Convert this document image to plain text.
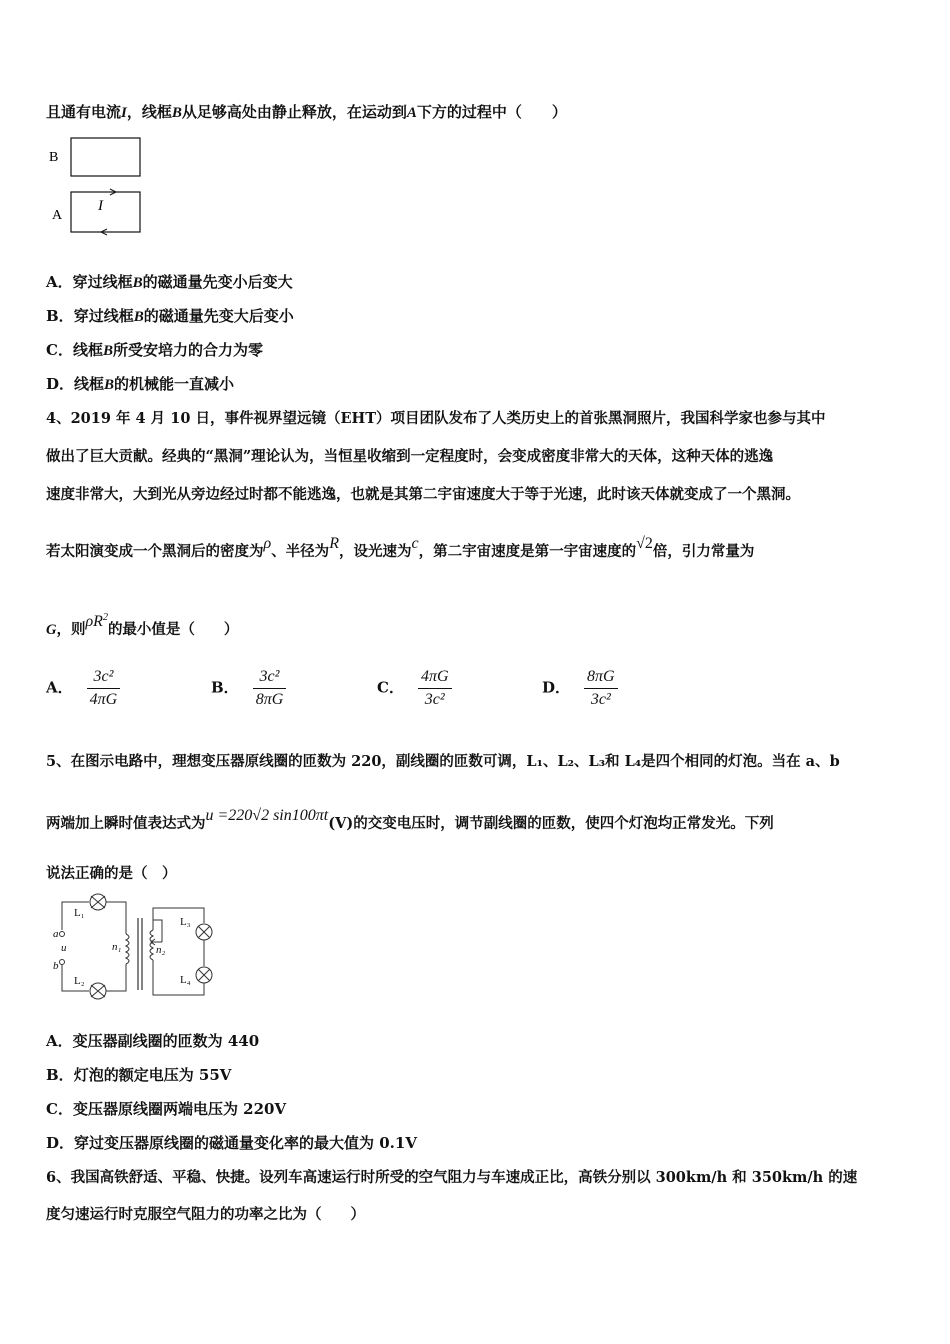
且通有电流I，线框B从足够高处由静止释放，在运动到A下方的过程中（　　）
B
A
I
A．穿过线框B的磁通量先变小后变大
B．穿过线框B的磁通量先变大后变小
C．线框B所受安培力的合力为零
D．线框B的机械能一直减小
4、2019 年 4 月 10 日，事件视界望远镜（EHT）项目团队发布了人类历史上的首张黑洞照片，我国科学家也参与其中
做出了巨大贡献。经典的“黑洞”理论认为，当恒星收缩到一定程度时，会变成密度非常大的天体，这种天体的逃逸
速度非常大，大到光从旁边经过时都不能逃逸，也就是其第二宇宙速度大于等于光速，此时该天体就变成了一个黑洞。
若太阳演变成一个黑洞后的密度为ρ、半径为R，设光速为c，第二宇宙速度是第一宇宙速度的√2倍，引力常量为
G，则$\rho R^2$的最小值是（　　）
A． $\frac{\text{3c²}}{4\pi G}$	B． $\frac{\text{3c²}}{8\pi G}$	C． $\frac{4\pi G}{\text{3c²}}$	D． $\frac{8\pi G}{\text{3c²}}$
5、在图示电路中，理想变压器原线圈的匝数为 220，副线圈的匝数可调，L₁、L₂、L₃和 L₄是四个相同的灯泡。当在 a、b
两端加上瞬时值表达式为u =220√2 sin100πt(V)的交变电压时，调节副线圈的匝数，使四个灯泡均正常发光。下列
说法正确的是（　）
L₁
a
u
b
n₁
L₂
n₂
L₃
L₄
A．变压器副线圈的匝数为 440
B．灯泡的额定电压为 55V
C．变压器原线圈两端电压为 220V
D．穿过变压器原线圈的磁通量变化率的最大值为 0.1V
6、我国高铁舒适、平稳、快捷。设列车高速运行时所受的空气阻力与车速成正比，高铁分别以 300km/h 和 350km/h 的速
度匀速运行时克服空气阻力的功率之比为（　　）
